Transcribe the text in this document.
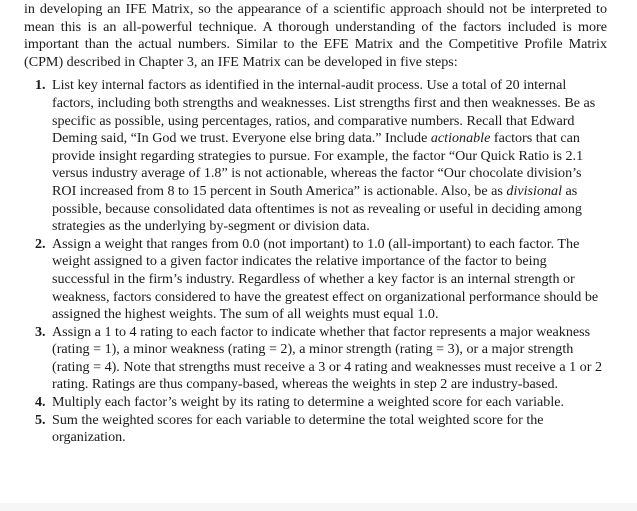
in developing an IFE Matrix, so the appearance of a scientific approach should not be interpreted to mean this is an all-powerful technique. A thorough understanding of the factors included is more important than the actual numbers. Similar to the EFE Matrix and the Competitive Profile Matrix (CPM) described in Chapter 3, an IFE Matrix can be developed in five steps:

1. List key internal factors as identified in the internal-audit process. Use a total of 20 internal factors, including both strengths and weaknesses. List strengths first and then weaknesses. Be as specific as possible, using percentages, ratios, and comparative numbers. Recall that Edward Deming said, “In God we trust. Everyone else bring data.” Include actionable factors that can provide insight regarding strategies to pursue. For example, the factor “Our Quick Ratio is 2.1 versus industry average of 1.8” is not actionable, whereas the factor “Our chocolate division’s ROI increased from 8 to 15 percent in South America” is actionable. Also, be as divisional as possible, because consolidated data oftentimes is not as revealing or useful in deciding among strategies as the underlying by-segment or division data.
2. Assign a weight that ranges from 0.0 (not important) to 1.0 (all-important) to each factor. The weight assigned to a given factor indicates the relative importance of the factor to being successful in the firm’s industry. Regardless of whether a key factor is an internal strength or weakness, factors considered to have the greatest effect on organizational performance should be assigned the highest weights. The sum of all weights must equal 1.0.
3. Assign a 1 to 4 rating to each factor to indicate whether that factor represents a major weakness (rating = 1), a minor weakness (rating = 2), a minor strength (rating = 3), or a major strength (rating = 4). Note that strengths must receive a 3 or 4 rating and weaknesses must receive a 1 or 2 rating. Ratings are thus company-based, whereas the weights in step 2 are industry-based.
4. Multiply each factor’s weight by its rating to determine a weighted score for each variable.
5. Sum the weighted scores for each variable to determine the total weighted score for the organization.
